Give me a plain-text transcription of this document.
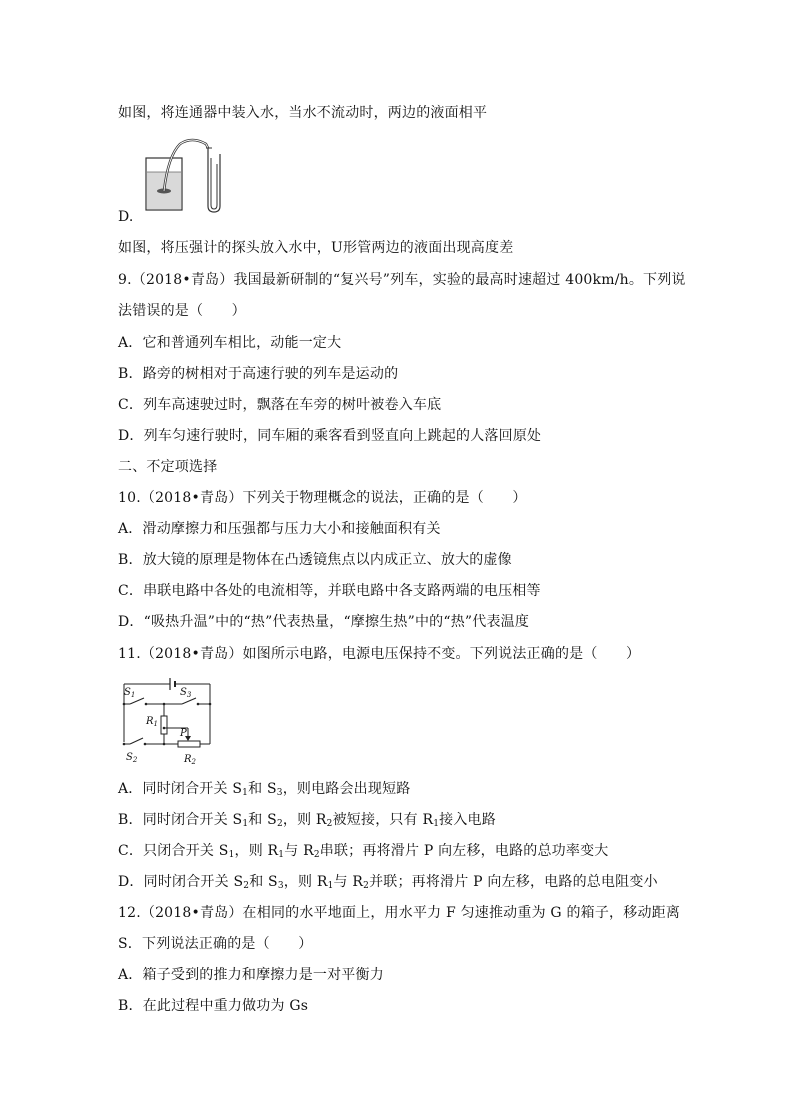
如图，将连通器中装入水，当水不流动时，两边的液面相平
D.
如图，将压强计的探头放入水中，U形管两边的液面出现高度差
9.（2018•青岛）我国最新研制的“复兴号”列车，实验的最高时速超过 400km/h。下列说
法错误的是（　　）
A．它和普通列车相比，动能一定大
B．路旁的树相对于高速行驶的列车是运动的
C．列车高速驶过时，飘落在车旁的树叶被卷入车底
D．列车匀速行驶时，同车厢的乘客看到竖直向上跳起的人落回原处
二、不定项选择
10.（2018•青岛）下列关于物理概念的说法，正确的是（　　）
A．滑动摩擦力和压强都与压力大小和接触面积有关
B．放大镜的原理是物体在凸透镜焦点以内成正立、放大的虚像
C．串联电路中各处的电流相等，并联电路中各支路两端的电压相等
D．“吸热升温”中的“热”代表热量，“摩擦生热”中的“热”代表温度
11.（2018•青岛）如图所示电路，电源电压保持不变。下列说法正确的是（　　）
$S_1$	$S_3$
$R_1$
P
$S_2$	$R_2$
A．同时闭合开关 $S_1$和 $S_3$，则电路会出现短路
B．同时闭合开关 $S_1$和 $S_2$，则 $R_2$被短接，只有 $R_1$接入电路
C．只闭合开关 $S_1$，则 $R_1$与 $R_2$串联；再将滑片 P 向左移，电路的总功率变大
D．同时闭合开关 $S_2$和 $S_3$，则 $R_1$与 $R_2$并联；再将滑片 P 向左移，电路的总电阻变小
12.（2018•青岛）在相同的水平地面上，用水平力 F 匀速推动重为 G 的箱子，移动距离
S．下列说法正确的是（　　）
A．箱子受到的推力和摩擦力是一对平衡力
B．在此过程中重力做功为 Gs
